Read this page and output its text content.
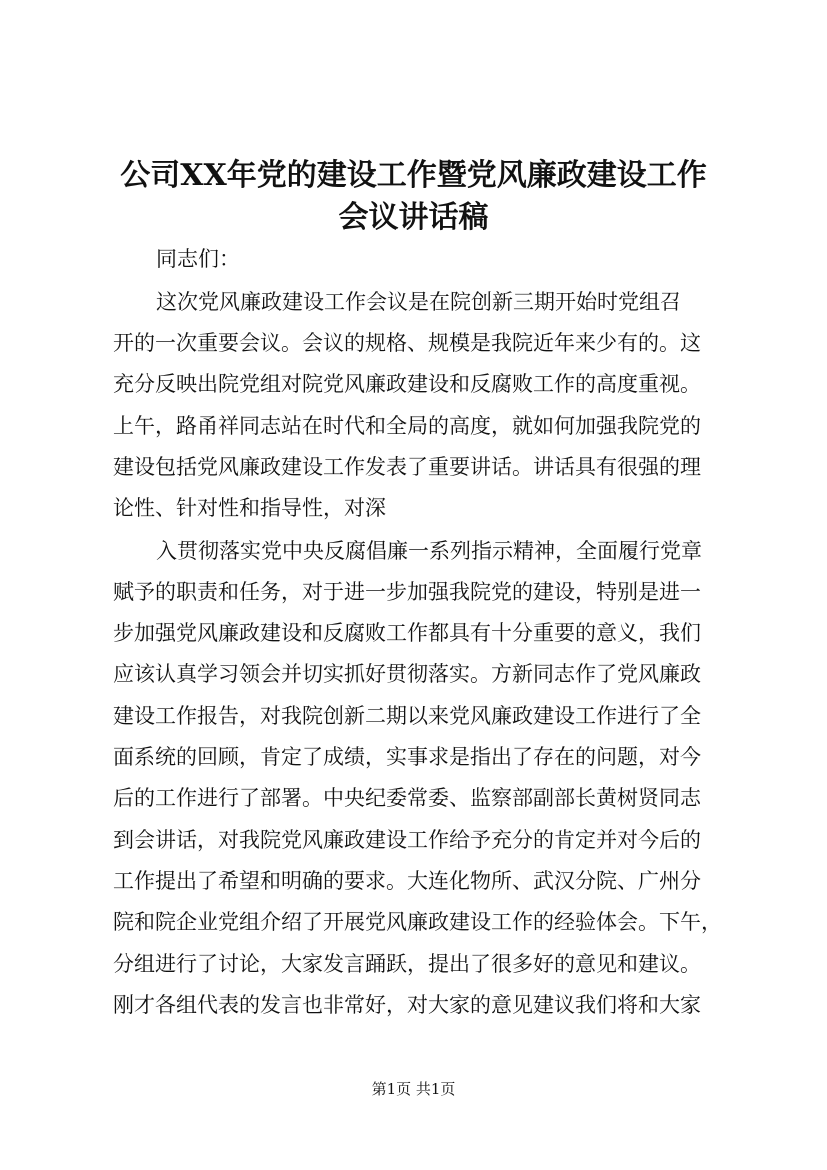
公司XX年党的建设工作暨党风廉政建设工作
会议讲话稿
同志们：
这次党风廉政建设工作会议是在院创新三期开始时党组召
开的一次重要会议。会议的规格、规模是我院近年来少有的。这
充分反映出院党组对院党风廉政建设和反腐败工作的高度重视。
上午，路甬祥同志站在时代和全局的高度，就如何加强我院党的
建设包括党风廉政建设工作发表了重要讲话。讲话具有很强的理
论性、针对性和指导性，对深
入贯彻落实党中央反腐倡廉一系列指示精神，全面履行党章
赋予的职责和任务，对于进一步加强我院党的建设，特别是进一
步加强党风廉政建设和反腐败工作都具有十分重要的意义，我们
应该认真学习领会并切实抓好贯彻落实。方新同志作了党风廉政
建设工作报告，对我院创新二期以来党风廉政建设工作进行了全
面系统的回顾，肯定了成绩，实事求是指出了存在的问题，对今
后的工作进行了部署。中央纪委常委、监察部副部长黄树贤同志
到会讲话，对我院党风廉政建设工作给予充分的肯定并对今后的
工作提出了希望和明确的要求。大连化物所、武汉分院、广州分
院和院企业党组介绍了开展党风廉政建设工作的经验体会。下午，
分组进行了讨论，大家发言踊跃，提出了很多好的意见和建议。
刚才各组代表的发言也非常好，对大家的意见建议我们将和大家
第1页 共1页
